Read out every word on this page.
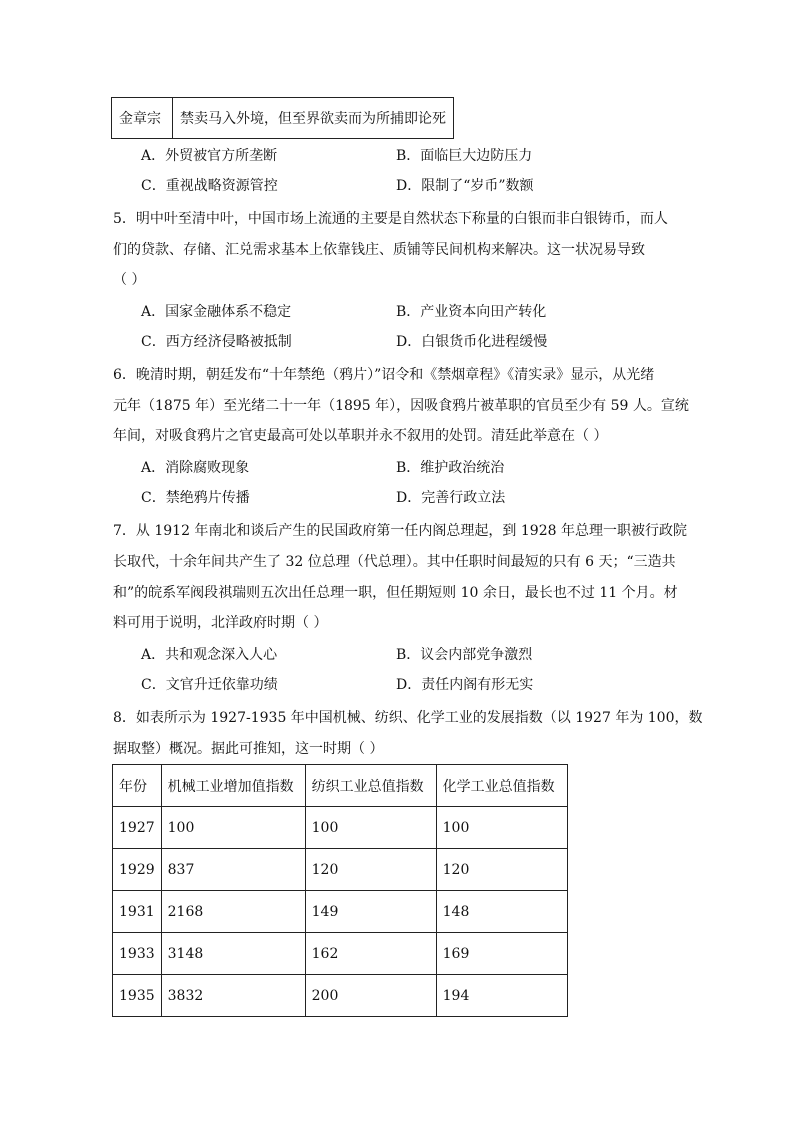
金章宗	禁卖马入外境，但至界欲卖而为所捕即论死
A．外贸被官方所垄断	B．面临巨大边防压力
C．重视战略资源管控	D．限制了“岁币”数额
5．明中叶至清中叶，中国市场上流通的主要是自然状态下称量的白银而非白银铸币，而人
们的贷款、存储、汇兑需求基本上依靠钱庄、质铺等民间机构来解决。这一状况易导致
（ ）
A．国家金融体系不稳定	B．产业资本向田产转化
C．西方经济侵略被抵制	D．白银货币化进程缓慢
6．晚清时期，朝廷发布“十年禁绝（鸦片）”诏令和《禁烟章程》《清实录》显示，从光绪
元年（1875 年）至光绪二十一年（1895 年），因吸食鸦片被革职的官员至少有 59 人。宣统
年间，对吸食鸦片之官吏最高可处以革职并永不叙用的处罚。清廷此举意在（ ）
A．消除腐败现象	B．维护政治统治
C．禁绝鸦片传播	D．完善行政立法
7．从 1912 年南北和谈后产生的民国政府第一任内阁总理起，到 1928 年总理一职被行政院
长取代，十余年间共产生了 32 位总理（代总理）。其中任职时间最短的只有 6 天；“三造共
和”的皖系军阀段祺瑞则五次出任总理一职，但任期短则 10 余日，最长也不过 11 个月。材
料可用于说明，北洋政府时期（ ）
A．共和观念深入人心	B．议会内部党争激烈
C．文官升迁依靠功绩	D．责任内阁有形无实
8．如表所示为 1927-1935 年中国机械、纺织、化学工业的发展指数（以 1927 年为 100，数
据取整）概况。据此可推知，这一时期（ ）
年份	机械工业增加值指数	纺织工业总值指数	化学工业总值指数
1927	100	100	100
1929	837	120	120
1931	2168	149	148
1933	3148	162	169
1935	3832	200	194
